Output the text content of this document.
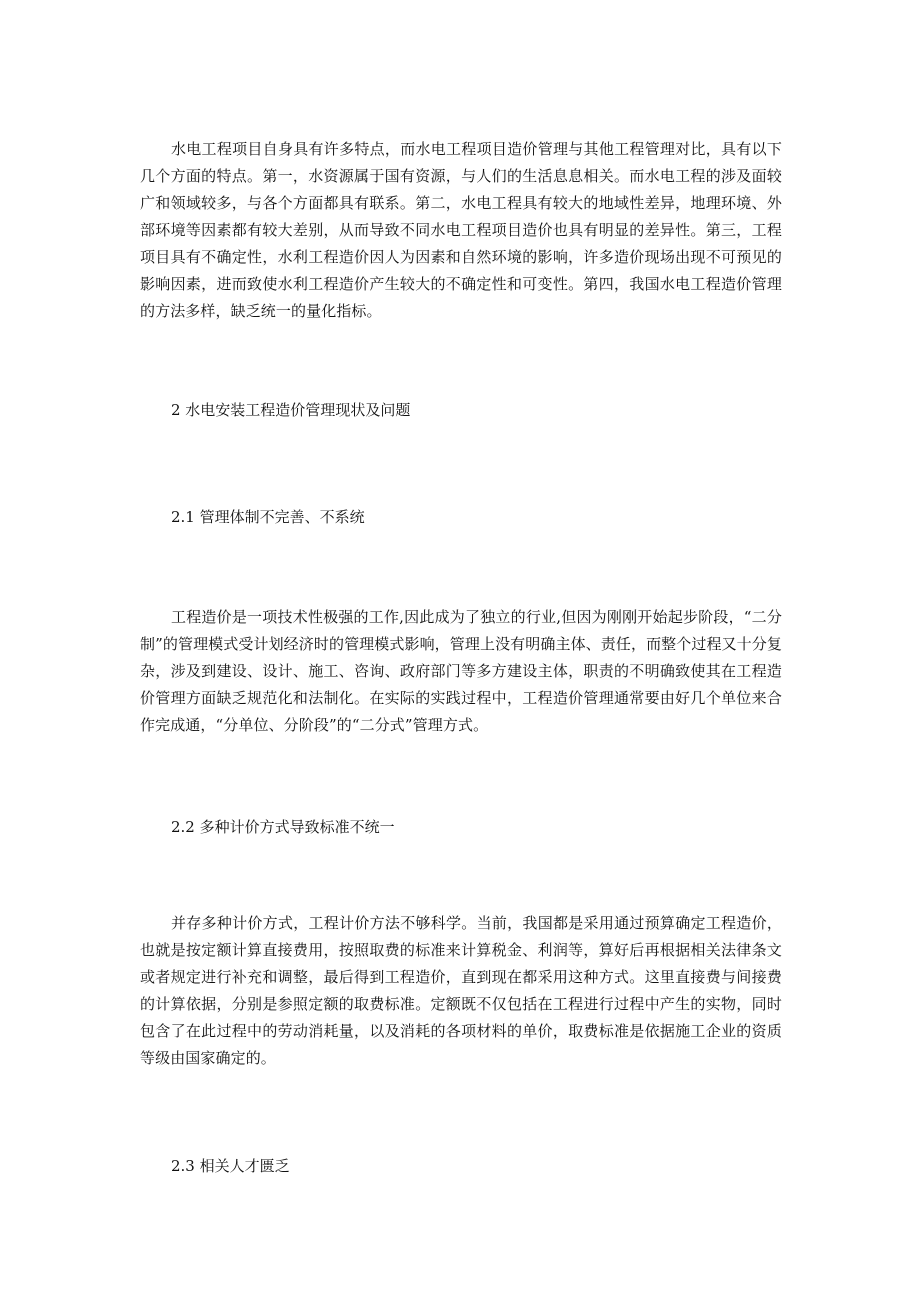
水电工程项目自身具有许多特点，而水电工程项目造价管理与其他工程管理对比，具有以下几个方面的特点。第一，水资源属于国有资源，与人们的生活息息相关。而水电工程的涉及面较广和领域较多，与各个方面都具有联系。第二，水电工程具有较大的地域性差异，地理环境、外部环境等因素都有较大差别，从而导致不同水电工程项目造价也具有明显的差异性。第三，工程项目具有不确定性，水利工程造价因人为因素和自然环境的影响，许多造价现场出现不可预见的影响因素，进而致使水利工程造价产生较大的不确定性和可变性。第四，我国水电工程造价管理的方法多样，缺乏统一的量化指标。

2 水电安装工程造价管理现状及问题
2.1 管理体制不完善、不系统

工程造价是一项技术性极强的工作,因此成为了独立的行业,但因为刚刚开始起步阶段，“二分制”的管理模式受计划经济时的管理模式影响，管理上没有明确主体、责任，而整个过程又十分复杂，涉及到建设、设计、施工、咨询、政府部门等多方建设主体，职责的不明确致使其在工程造价管理方面缺乏规范化和法制化。在实际的实践过程中，工程造价管理通常要由好几个单位来合作完成通，“分单位、分阶段”的“二分式”管理方式。

2.2 多种计价方式导致标准不统一

并存多种计价方式，工程计价方法不够科学。当前，我国都是采用通过预算确定工程造价，也就是按定额计算直接费用，按照取费的标准来计算税金、利润等，算好后再根据相关法律条文或者规定进行补充和调整，最后得到工程造价，直到现在都采用这种方式。这里直接费与间接费的计算依据，分别是参照定额的取费标准。定额既不仅包括在工程进行过程中产生的实物，同时包含了在此过程中的劳动消耗量，以及消耗的各项材料的单价，取费标准是依据施工企业的资质等级由国家确定的。

2.3 相关人才匮乏
